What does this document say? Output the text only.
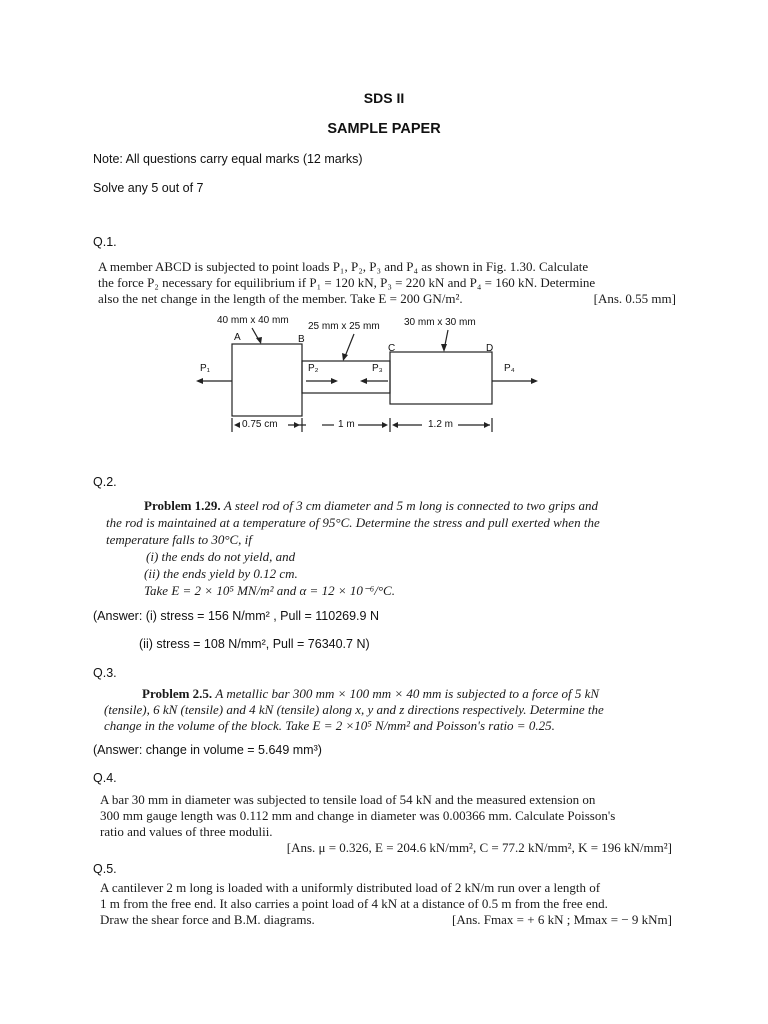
SDS II
SAMPLE PAPER
Note: All questions carry equal marks (12 marks)
Solve any 5 out of 7
Q.1.
A member ABCD is subjected to point loads P₁, P₂, P₃ and P₄ as shown in Fig. 1.30. Calculate
the force P₂ necessary for equilibrium if P₁ = 120 kN, P₃ = 220 kN and P₄ = 160 kN. Determine
also the net change in the length of the member. Take E = 200 GN/m².	[Ans. 0.55 mm]
40 mm x 40 mm
25 mm x 25 mm 30 mm x 30 mm
A	B
C	D
P₁	P₂	P₃	P₄
0.75 cm	1 m	1.2 m
Q.2.
Problem 1.29. A steel rod of 3 cm diameter and 5 m long is connected to two grips and
the rod is maintained at a temperature of 95°C. Determine the stress and pull exerted when the
temperature falls to 30°C, if
(i) the ends do not yield, and
(ii) the ends yield by 0.12 cm.
Take E = 2 × 10⁵ MN/m² and α = 12 × 10⁻⁶/°C.
(Answer: (i) stress = 156 N/mm² , Pull = 110269.9 N
(ii) stress = 108 N/mm², Pull = 76340.7 N)
Q.3.
Problem 2.5. A metallic bar 300 mm × 100 mm × 40 mm is subjected to a force of 5 kN
(tensile), 6 kN (tensile) and 4 kN (tensile) along x, y and z directions respectively. Determine the
change in the volume of the block. Take E = 2 ×10⁵ N/mm² and Poisson's ratio = 0.25.
(Answer: change in volume = 5.649 mm³)
Q.4.
A bar 30 mm in diameter was subjected to tensile load of 54 kN and the measured extension on
300 mm gauge length was 0.112 mm and change in diameter was 0.00366 mm. Calculate Poisson's
ratio and values of three modulii.
[Ans. μ = 0.326, E = 204.6 kN/mm², C = 77.2 kN/mm², K = 196 kN/mm²]
Q.5.
A cantilever 2 m long is loaded with a uniformly distributed load of 2 kN/m run over a length of
1 m from the free end. It also carries a point load of 4 kN at a distance of 0.5 m from the free end.
Draw the shear force and B.M. diagrams.	[Ans. Fmax = + 6 kN ; Mmax = − 9 kNm]
